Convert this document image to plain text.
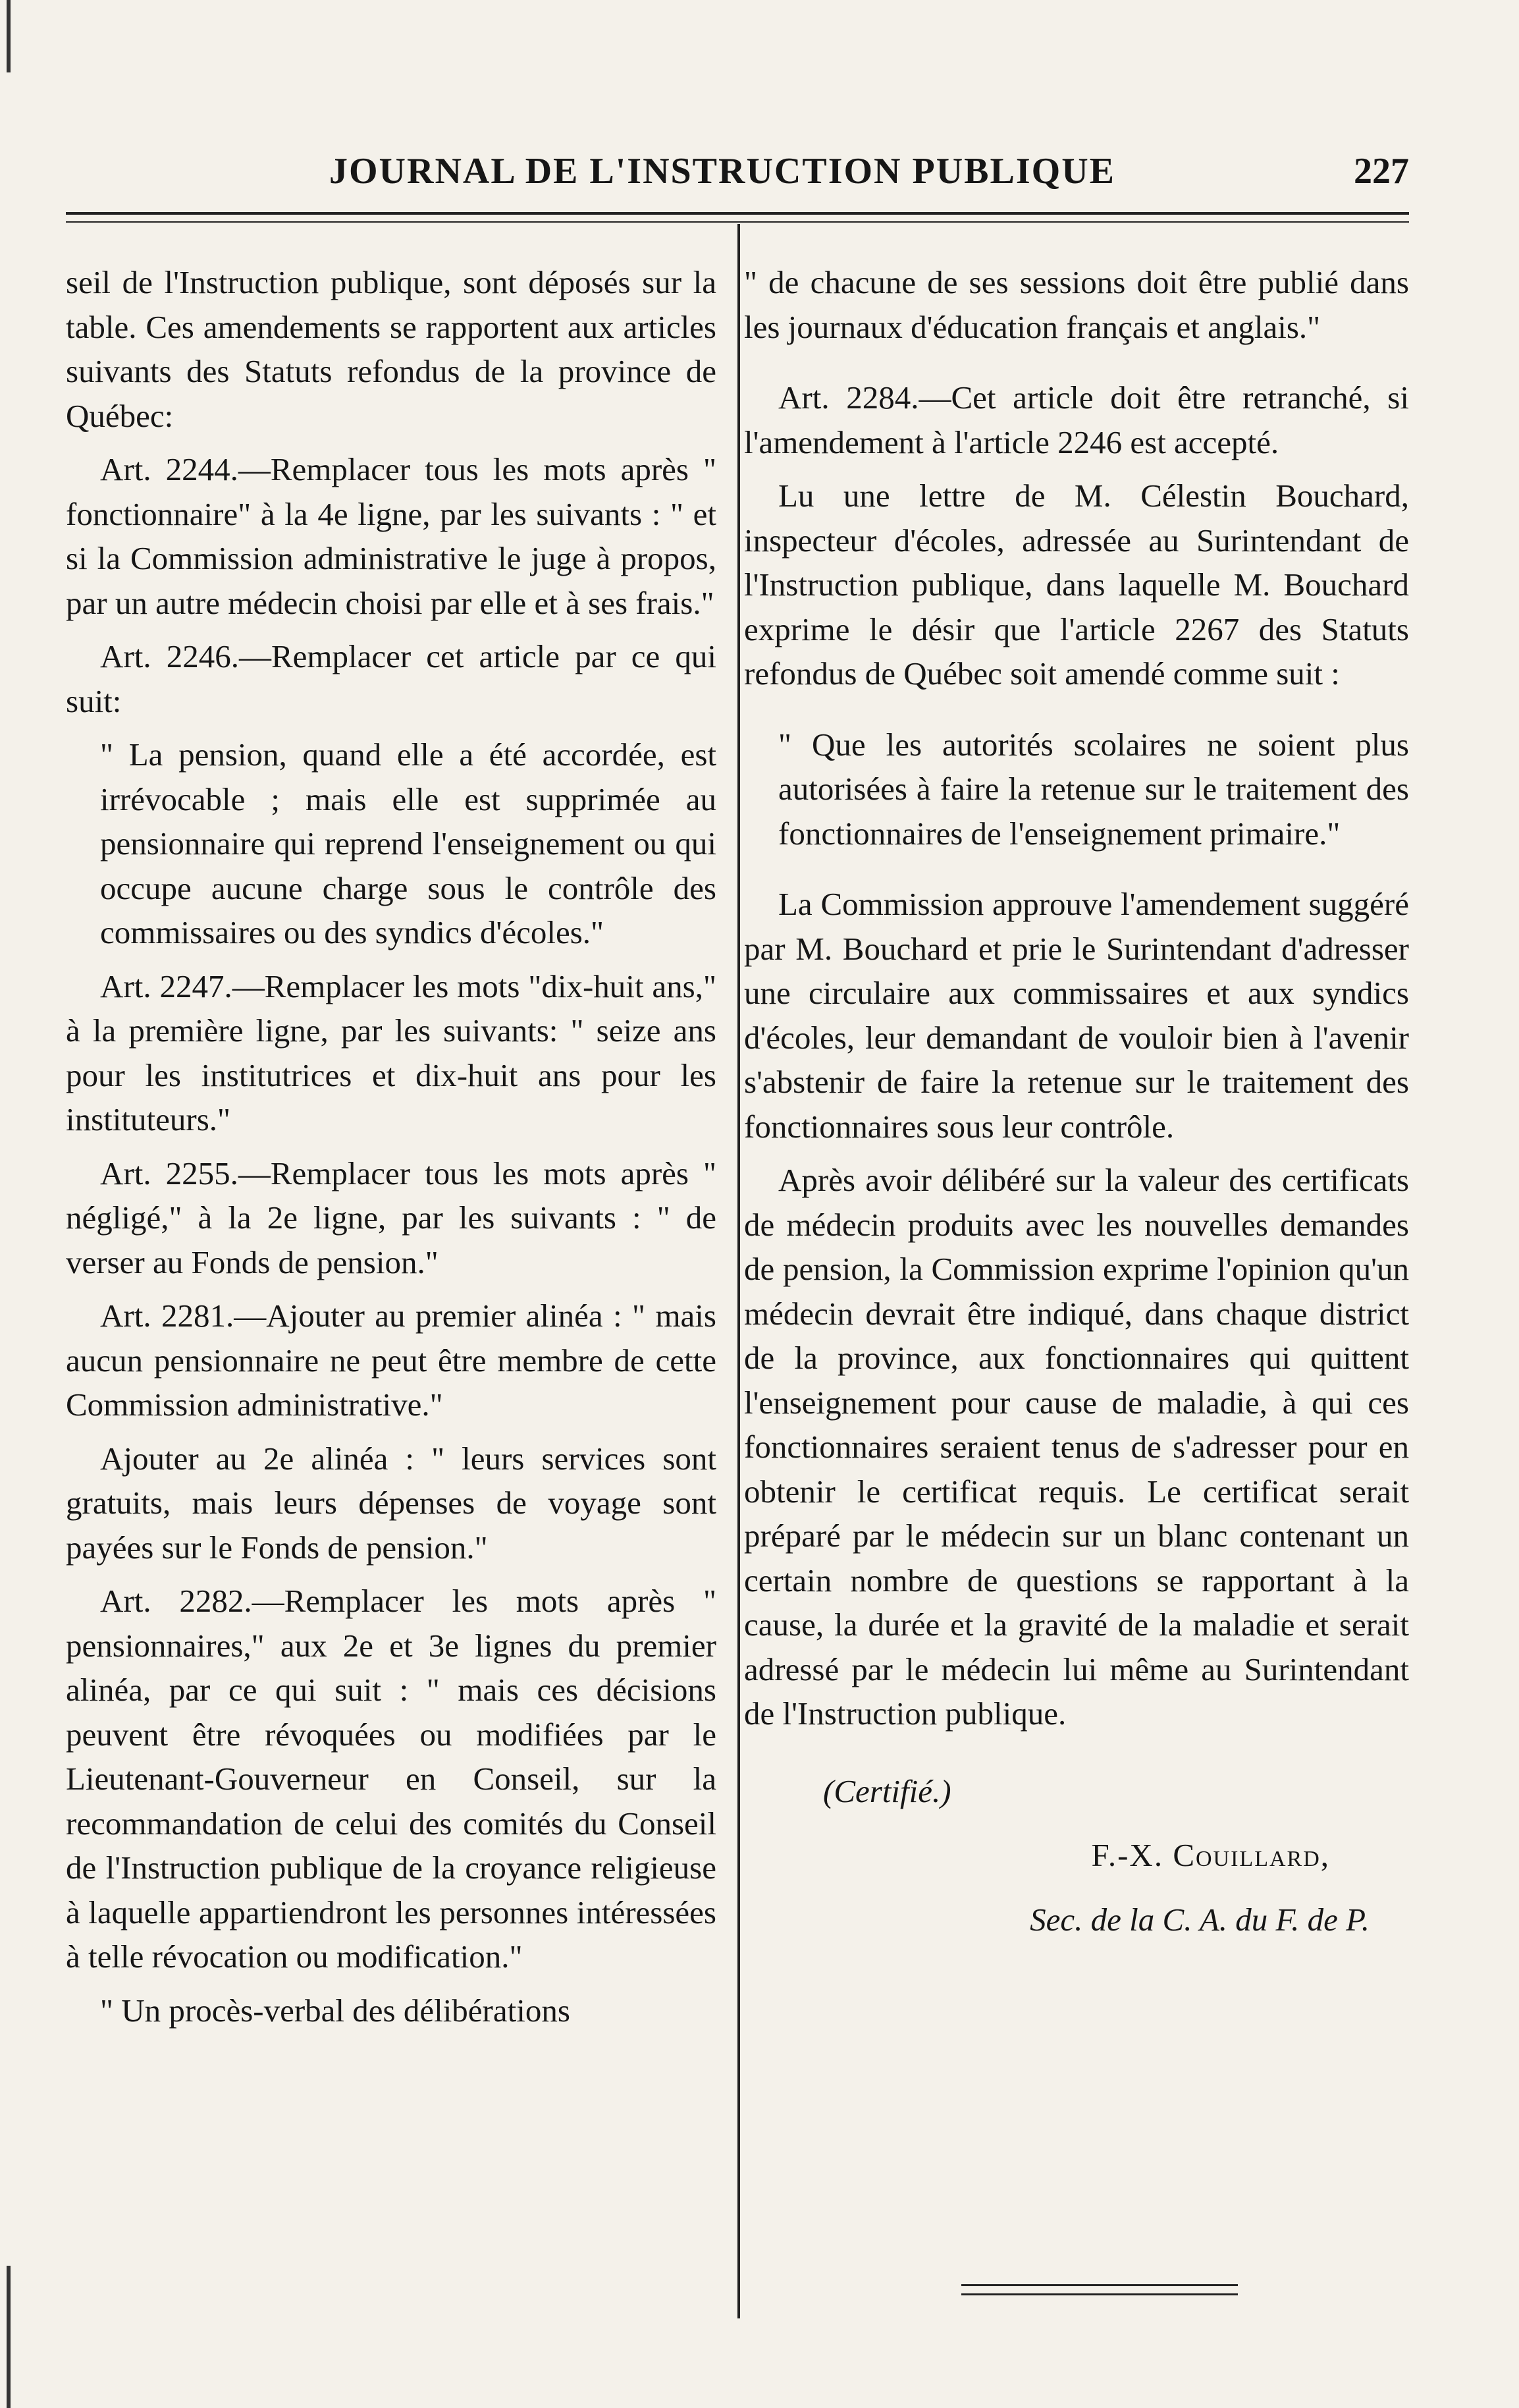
JOURNAL DE L'INSTRUCTION PUBLIQUE	227

seil de l'Instruction publique, sont déposés sur la table. Ces amendements se rapportent aux articles suivants des Statuts refondus de la province de Québec:

Art. 2244.—Remplacer tous les mots après " fonctionnaire" à la 4e ligne, par les suivants : " et si la Commission administrative le juge à propos, par un autre médecin choisi par elle et à ses frais."

Art. 2246.—Remplacer cet article par ce qui suit:

" La pension, quand elle a été accordée, est irrévocable ; mais elle est supprimée au pensionnaire qui reprend l'enseignement ou qui occupe aucune charge sous le contrôle des commissaires ou des syndics d'écoles."

Art. 2247.—Remplacer les mots "dix-huit ans," à la première ligne, par les suivants: " seize ans pour les institutrices et dix-huit ans pour les instituteurs."

Art. 2255.—Remplacer tous les mots après " négligé," à la 2e ligne, par les suivants : " de verser au Fonds de pension."

Art. 2281.—Ajouter au premier alinéa : " mais aucun pensionnaire ne peut être membre de cette Commission administrative."

Ajouter au 2e alinéa : " leurs services sont gratuits, mais leurs dépenses de voyage sont payées sur le Fonds de pension."

Art. 2282.—Remplacer les mots après " pensionnaires," aux 2e et 3e lignes du premier alinéa, par ce qui suit : " mais ces décisions peuvent être révoquées ou modifiées par le Lieutenant-Gouverneur en Conseil, sur la recommandation de celui des comités du Conseil de l'Instruction publique de la croyance religieuse à laquelle appartiendront les personnes intéressées à telle révocation ou modification."

" Un procès-verbal des délibérations

" de chacune de ses sessions doit être publié dans les journaux d'éducation français et anglais."

Art. 2284.—Cet article doit être retranché, si l'amendement à l'article 2246 est accepté.

Lu une lettre de M. Célestin Bouchard, inspecteur d'écoles, adressée au Surintendant de l'Instruction publique, dans laquelle M. Bouchard exprime le désir que l'article 2267 des Statuts refondus de Québec soit amendé comme suit :

" Que les autorités scolaires ne soient plus autorisées à faire la retenue sur le traitement des fonctionnaires de l'enseignement primaire."

La Commission approuve l'amendement suggéré par M. Bouchard et prie le Surintendant d'adresser une circulaire aux commissaires et aux syndics d'écoles, leur demandant de vouloir bien à l'avenir s'abstenir de faire la retenue sur le traitement des fonctionnaires sous leur contrôle.

Après avoir délibéré sur la valeur des certificats de médecin produits avec les nouvelles demandes de pension, la Commission exprime l'opinion qu'un médecin devrait être indiqué, dans chaque district de la province, aux fonctionnaires qui quittent l'enseignement pour cause de maladie, à qui ces fonctionnaires seraient tenus de s'adresser pour en obtenir le certificat requis. Le certificat serait préparé par le médecin sur un blanc contenant un certain nombre de questions se rapportant à la cause, la durée et la gravité de la maladie et serait adressé par le médecin lui même au Surintendant de l'Instruction publique.

(Certifié.)

F.-X. Couillard,

Sec. de la C. A. du F. de P.
